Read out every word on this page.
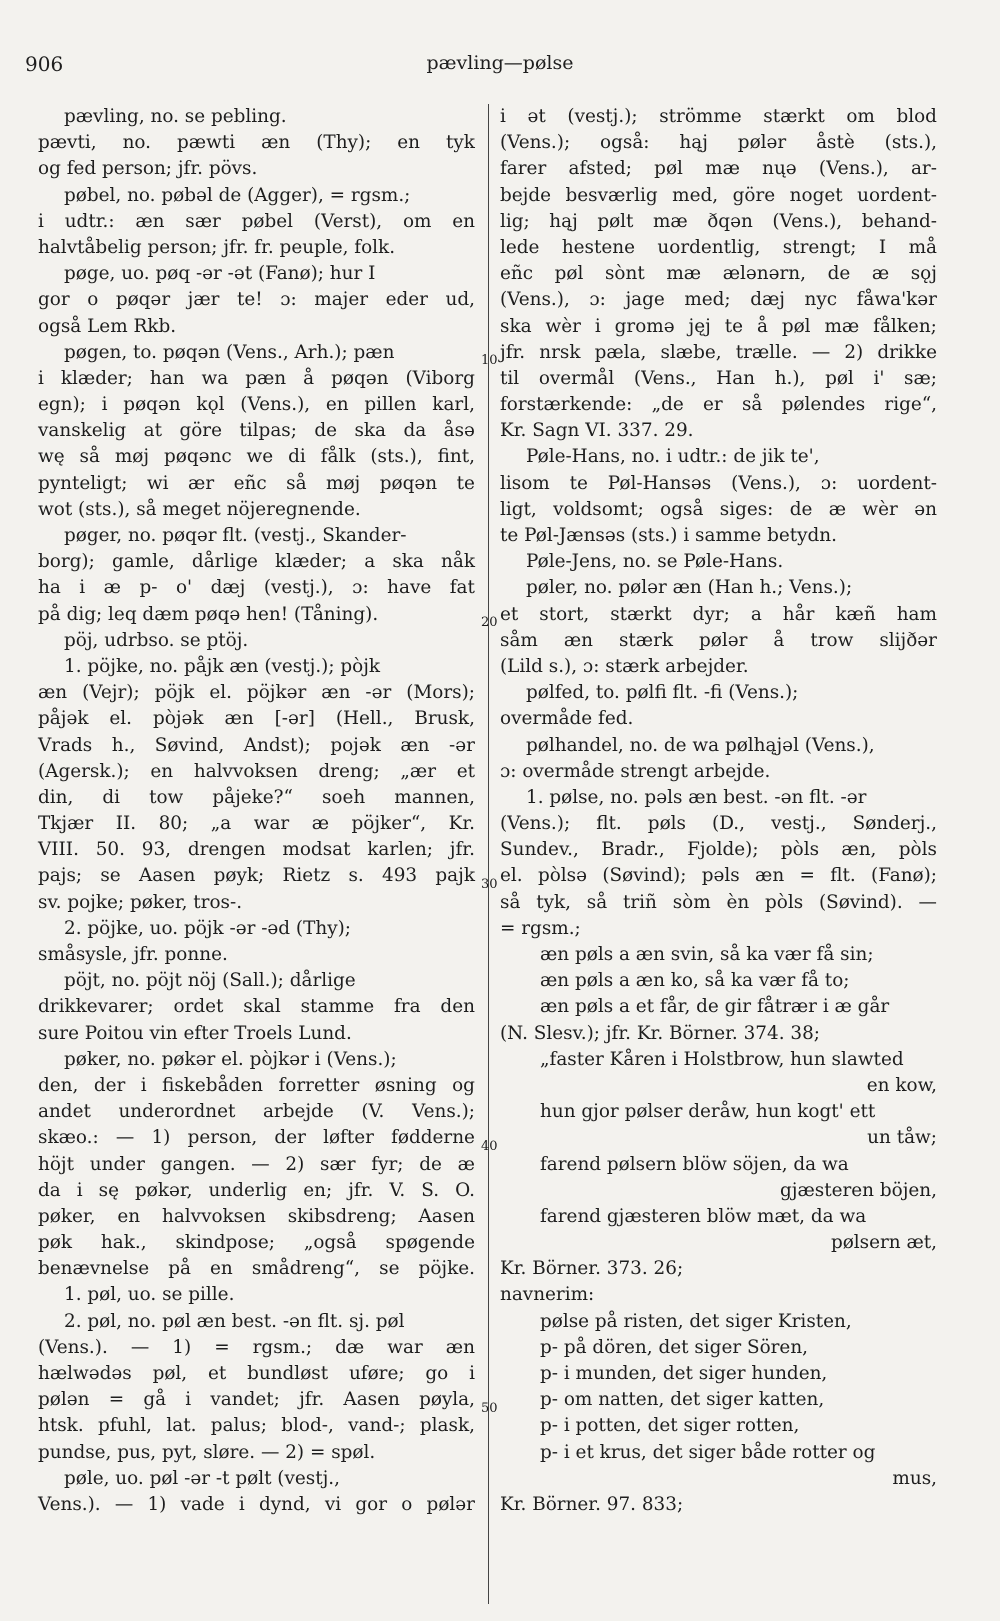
906	pævling—pølse
pævling, no. se pebling.
pævti, no. pæwti æn (Thy); en tyk
og fed person; jfr. pövs.
pøbel, no. pøbəl de (Agger), = rgsm.;
i udtr.: æn sær pøbel (Verst), om en
halvtåbelig person; jfr. fr. peuple, folk.
pøge, uo. pøq -ər -ət (Fanø); hur I
gor o pøqər jær te! ɔ: majer eder ud,
også Lem Rkb.
pøgen, to. pøqən (Vens., Arh.); pæn
i klæder; han wa pæn å pøqən (Viborg
egn); i pøqən kǫl (Vens.), en pillen karl,
vanskelig at göre tilpas; de ska da åsə
wę så møj pøqənc we di fålk (sts.), fint,
pynteligt; wi ær eñc så møj pøqən te
wot (sts.), så meget nöjeregnende.
pøger, no. pøqər flt. (vestj., Skander-
borg); gamle, dårlige klæder; a ska nåk
ha i æ p- o' dæj (vestj.), ɔ: have fat
på dig; leq dæm pøqə hen! (Tåning).
pöj, udrbso. se ptöj.
1. pöjke, no. påjk æn (vestj.); pòjk
æn (Vejr); pöjk el. pöjkər æn -ər (Mors);
påjək el. pòjək æn [-ər] (Hell., Brusk,
Vrads h., Søvind, Andst); pojək æn -ər
(Agersk.); en halvvoksen dreng; „ær et
din, di tow påjeke?“ soeh mannen,
Tkjær II. 80; „a war æ pöjker“, Kr.
VIII. 50. 93, drengen modsat karlen; jfr.
pajs; se Aasen pøyk; Rietz s. 493 pajk
sv. pojke; pøker, tros-.
2. pöjke, uo. pöjk -ər -əd (Thy);
småsysle, jfr. ponne.
pöjt, no. pöjt nöj (Sall.); dårlige
drikkevarer; ordet skal stamme fra den
sure Poitou vin efter Troels Lund.
pøker, no. pøkər el. pòjkər i (Vens.);
den, der i fiskebåden forretter øsning og
andet underordnet arbejde (V. Vens.);
skæo.: — 1) person, der løfter fødderne
höjt under gangen. — 2) sær fyr; de æ
da i sę pøkər, underlig en; jfr. V. S. O.
pøker, en halvvoksen skibsdreng; Aasen
pøk hak., skindpose; „også spøgende
benævnelse på en smådreng“, se pöjke.
1. pøl, uo. se pille.
2. pøl, no. pøl æn best. -ən flt. sj. pøl
(Vens.). — 1) = rgsm.; dæ war æn
hælwədəs pøl, et bundløst uføre; go i
pølən = gå i vandet; jfr. Aasen pøyla,
htsk. pfuhl, lat. palus; blod-, vand-; plask,
pundse, pus, pyt, sløre. — 2) = spøl.
pøle, uo. pøl -ər -t pølt (vestj.,
Vens.). — 1) vade i dynd, vi gor o pølər
i ət (vestj.); strömme stærkt om blod
(Vens.); også: hąj pølər åstè (sts.),
farer afsted; pøl mæ nųə (Vens.), ar-
bejde besværlig med, göre noget uordent-
lig; hąj pølt mæ ðqən (Vens.), behand-
lede hestene uordentlig, strengt; I må
eñc pøl sònt mæ ælənərn, de æ sǫj
(Vens.), ɔ: jage med; dæj nyc fåwa'kər
ska wèr i gromə jęj te å pøl mæ fålken;
jfr. nrsk pæla, slæbe, trælle. — 2) drikke
til overmål (Vens., Han h.), pøl i' sæ;
forstærkende: „de er så pølendes rige“,
Kr. Sagn VI. 337. 29.
Pøle-Hans, no. i udtr.: de jik te',
lisom te Pøl-Hansəs (Vens.), ɔ: uordent-
ligt, voldsomt; også siges: de æ wèr ən
te Pøl-Jænsəs (sts.) i samme betydn.
Pøle-Jens, no. se Pøle-Hans.
pøler, no. pølər æn (Han h.; Vens.);
et stort, stærkt dyr; a hår kæñ ham
såm æn stærk pølər å trow slijðər
(Lild s.), ɔ: stærk arbejder.
pølfed, to. pølfi flt. -fi (Vens.);
overmåde fed.
pølhandel, no. de wa pølhąjəl (Vens.),
ɔ: overmåde strengt arbejde.
1. pølse, no. pəls æn best. -ən flt. -ər
(Vens.); flt. pøls (D., vestj., Sønderj.,
Sundev., Bradr., Fjolde); pòls æn, pòls
el. pòlsə (Søvind); pəls æn = flt. (Fanø);
så tyk, så triñ sòm èn pòls (Søvind). —
= rgsm.;
æn pøls a æn svin, så ka vær få sin;
æn pøls a æn ko, så ka vær få to;
æn pøls a et får, de gir fåtrær i æ går
(N. Slesv.); jfr. Kr. Börner. 374. 38;
„faster Kåren i Holstbrow, hun slawted
en kow,
hun gjor pølser deråw, hun kogt' ett
un tåw;
farend pølsern blöw söjen, da wa
gjæsteren böjen,
farend gjæsteren blöw mæt, da wa
pølsern æt,
Kr. Börner. 373. 26;
navnerim:
pølse på risten, det siger Kristen,
p- på dören, det siger Sören,
p- i munden, det siger hunden,
p- om natten, det siger katten,
p- i potten, det siger rotten,
p- i et krus, det siger både rotter og
mus,
Kr. Börner. 97. 833;
10
20
30
40
50
